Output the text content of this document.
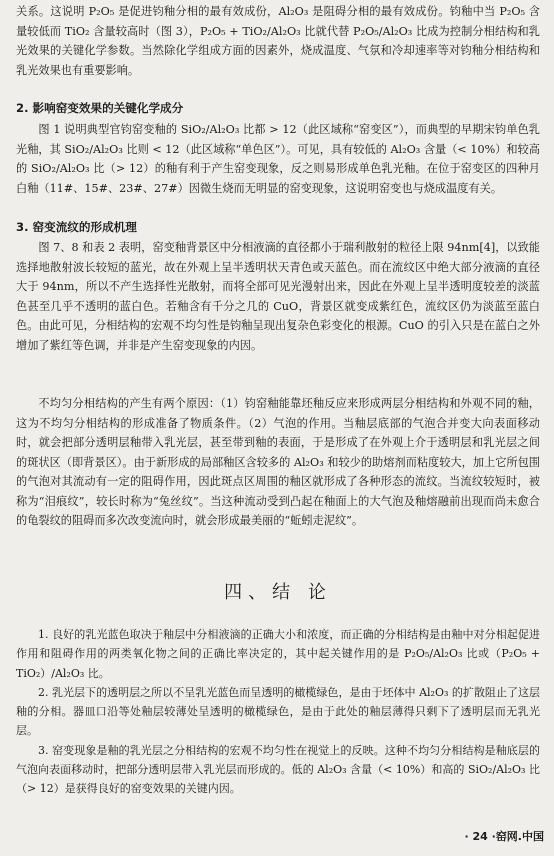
关系。这说明 P₂O₅ 是促进钧釉分相的最有效成份，Al₂O₃ 是阻碍分相的最有效成份。钧釉中当 P₂O₅ 含量较低而 TiO₂ 含量较高时（图 3），P₂O₅ + TiO₂/Al₂O₃ 比就代替 P₂O₅/Al₂O₃ 比成为控制分相结构和乳光效果的关键化学参数。当然除化学组成方面的因素外，烧成温度、气氛和冷却速率等对钧釉分相结构和乳光效果也有重要影响。

2. 影响窑变效果的关键化学成分

图 1 说明典型官钧窑变釉的 SiO₂/Al₂O₃ 比都 > 12（此区域称“窑变区”），而典型的早期宋钧单色乳光釉，其 SiO₂/Al₂O₃ 比则 < 12（此区域称“单色区”）。可见，具有较低的 Al₂O₃ 含量（< 10%）和较高的 SiO₂/Al₂O₃ 比（> 12）的釉有利于产生窑变现象，反之则易形成单色乳光釉。在位于窑变区的四种月白釉（11#、15#、23#、27#）因微生烧而无明显的窑变现象，这说明窑变也与烧成温度有关。

3. 窑变流纹的形成机理

图 7、8 和表 2 表明，窑变釉背景区中分相液滴的直径都小于瑞利散射的粒径上限 94nm[4]，以致能选择地散射波长较短的蓝光，故在外观上呈半透明状天青色或天蓝色。而在流纹区中绝大部分液滴的直径大于 94nm，所以不产生选择性光散射，而将全部可见光漫射出来，因此在外观上呈半透明度较差的淡蓝色甚至几乎不透明的蓝白色。若釉含有千分之几的 CuO，背景区就变成紫红色，流纹区仍为淡蓝至蓝白色。由此可见，分相结构的宏观不均匀性是钧釉呈现出复杂色彩变化的根源。CuO 的引入只是在蓝白之外增加了紫红等色调，并非是产生窑变现象的内因。

不均匀分相结构的产生有两个原因：（1）钧窑釉能靠坯釉反应来形成两层分相结构和外观不同的釉，这为不均匀分相结构的形成准备了物质条件。（2）气泡的作用。当釉层底部的气泡合并变大向表面移动时，就会把部分透明层釉带入乳光层，甚至带到釉的表面，于是形成了在外观上介于透明层和乳光层之间的斑状区（即背景区）。由于新形成的局部釉区含较多的 Al₂O₃ 和较少的助熔剂而粘度较大，加上它所包围的气泡对其流动有一定的阻碍作用，因此斑点区周围的釉区就形成了各种形态的流纹。当流纹较短时，被称为“泪痕纹”，较长时称为“兔丝纹”。当这种流动受到凸起在釉面上的大气泡及釉熔融前出现而尚未愈合的龟裂纹的阻碍而多次改变流向时，就会形成最美丽的“蚯蚓走泥纹”。

四、结 论

1. 良好的乳光蓝色取决于釉层中分相液滴的正确大小和浓度，而正确的分相结构是由釉中对分相起促进作用和阻碍作用的两类氧化物之间的正确比率决定的，其中起关键作用的是 P₂O₅/Al₂O₃ 比或（P₂O₅ + TiO₂）/Al₂O₃ 比。

2. 乳光层下的透明层之所以不呈乳光蓝色而呈透明的橄榄绿色，是由于坯体中 Al₂O₃ 的扩散阻止了这层釉的分相。器皿口沿等处釉层较薄处呈透明的橄榄绿色，是由于此处的釉层薄得只剩下了透明层而无乳光层。

3. 窑变现象是釉的乳光层之分相结构的宏观不均匀性在视觉上的反映。这种不均匀分相结构是釉底层的气泡向表面移动时，把部分透明层带入乳光层而形成的。低的 Al₂O₃ 含量（< 10%）和高的 SiO₂/Al₂O₃ 比（> 12）是获得良好的窑变效果的关键内因。

· 24 ·窑网.中国
